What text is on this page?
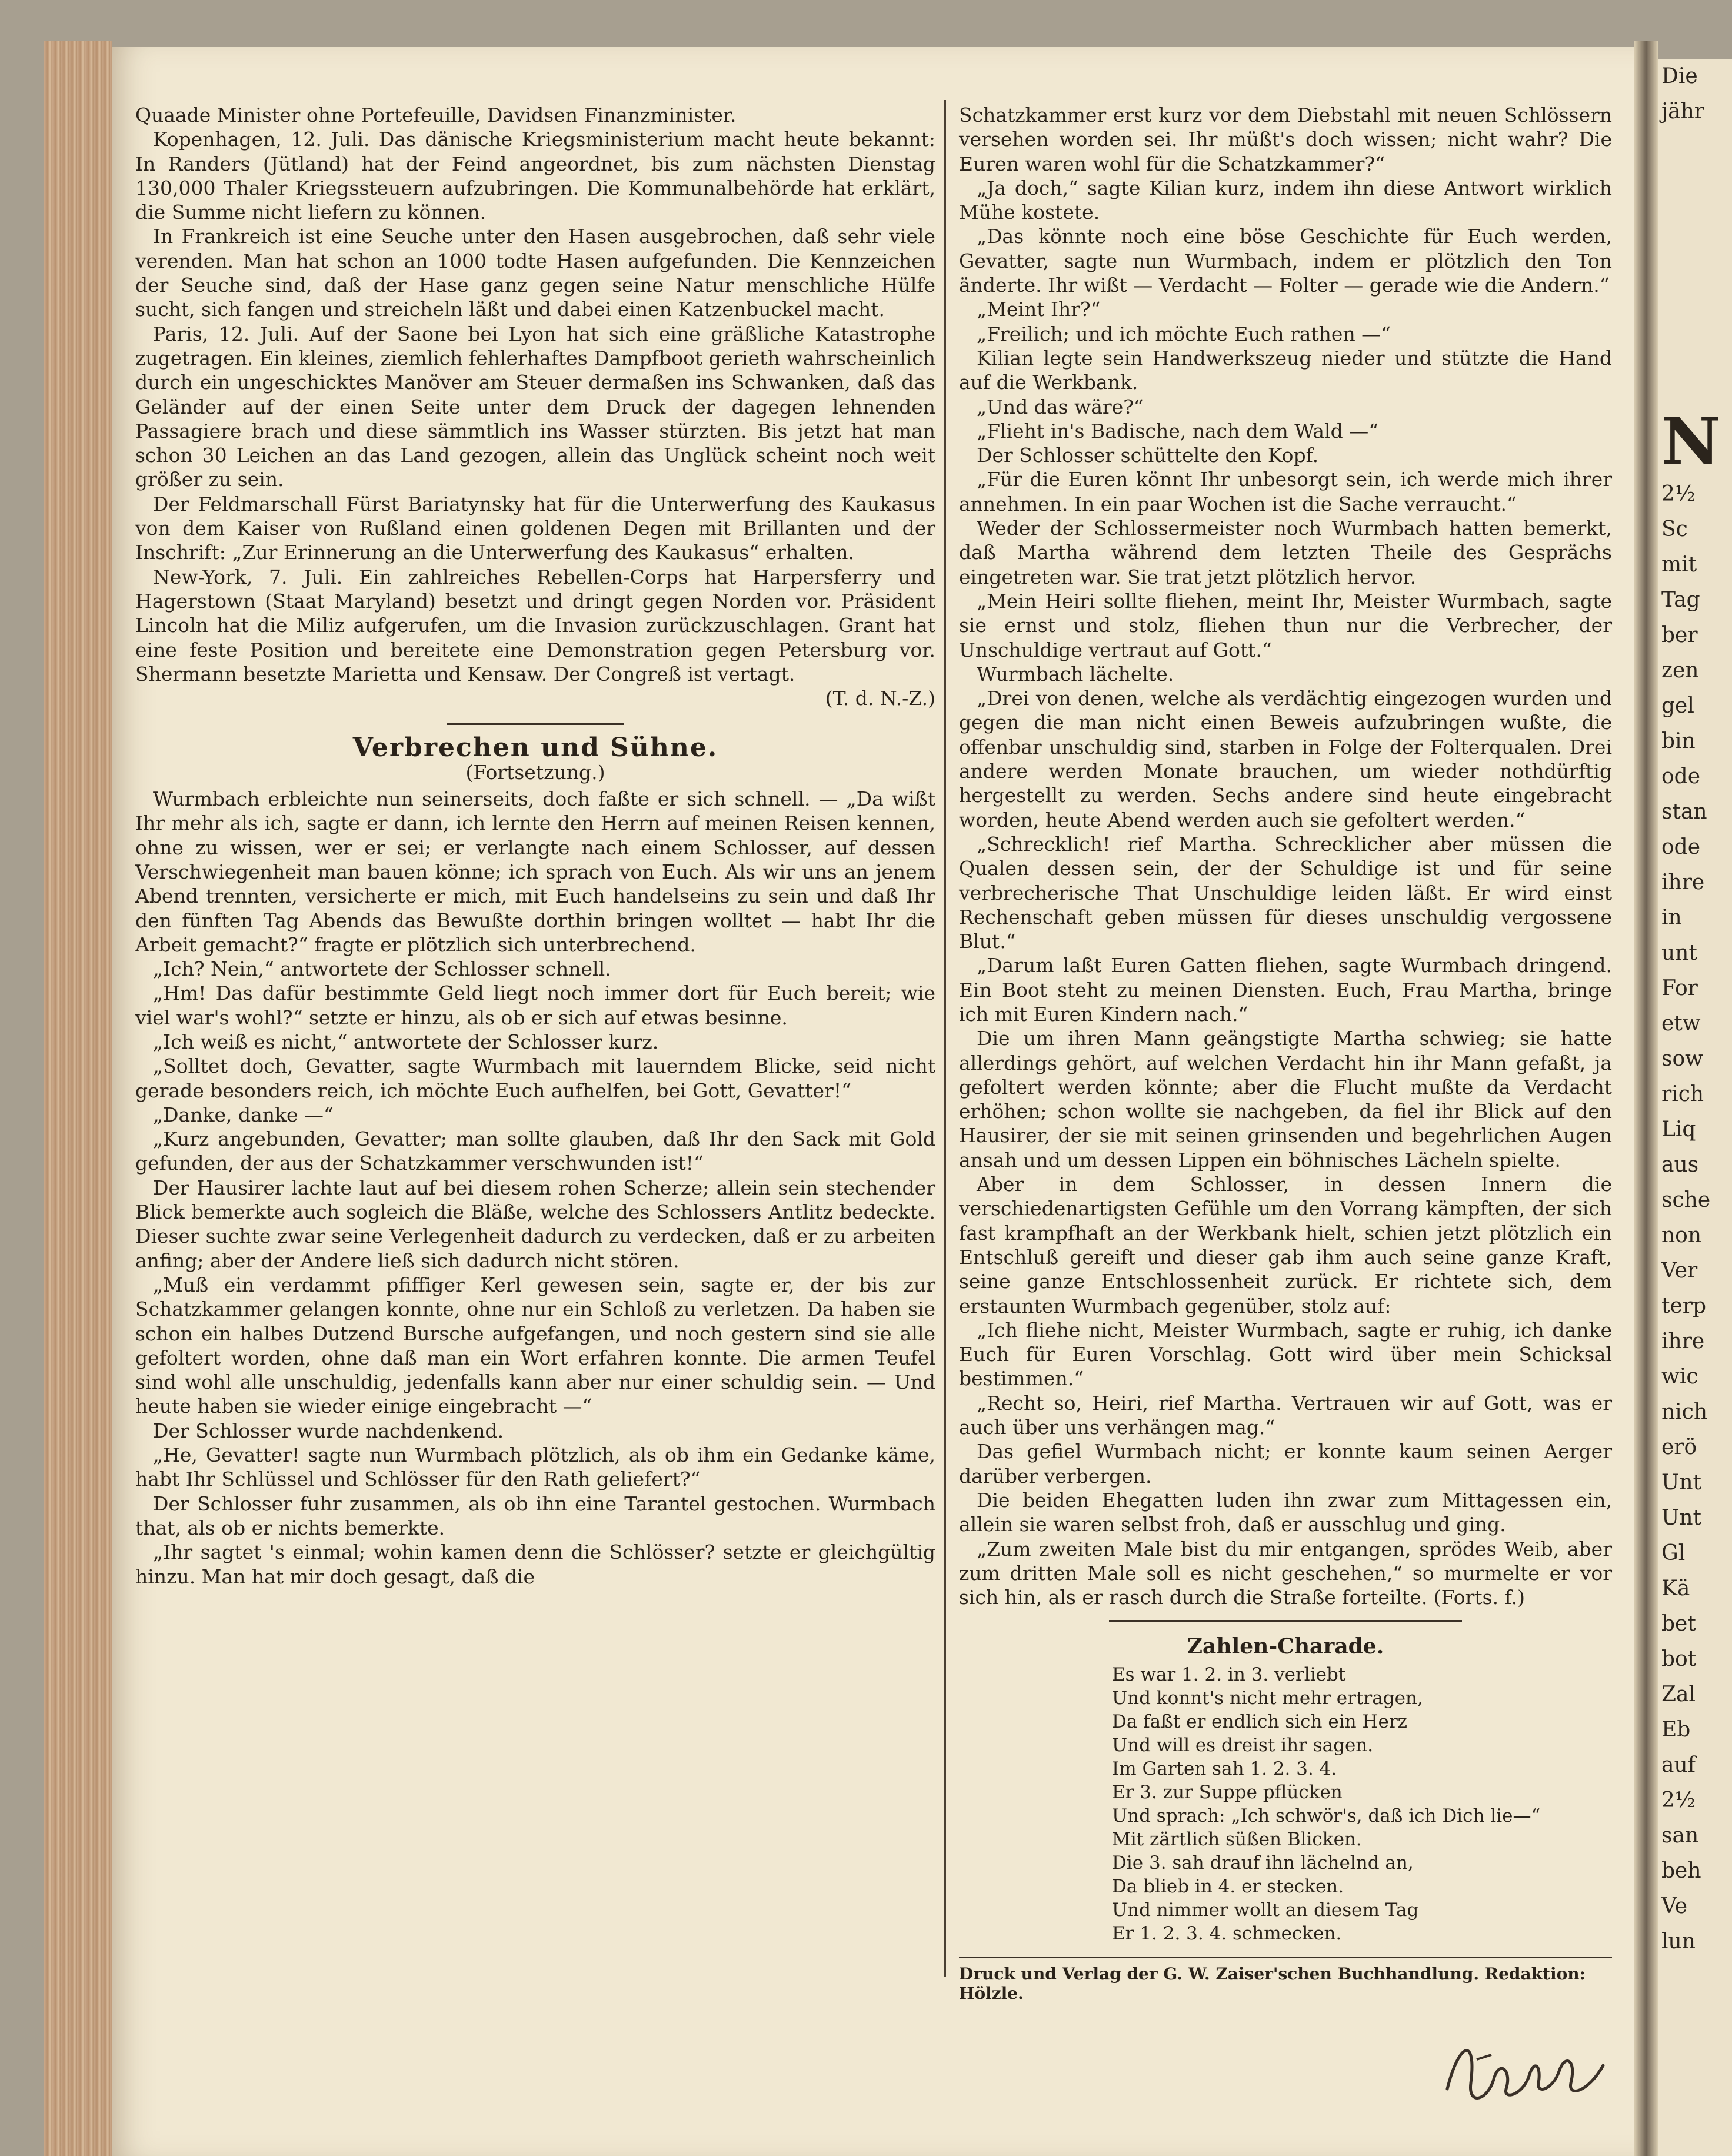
Die
jähr
N
2½
Sc
mit
Tag
ber
zen
gel
bin
ode
stan
ode
ihre
in
unt
For
etw
sow
rich
Liq
aus
sche
non
Ver
terp
ihre
wic
nich
erö
Unt
Unt
Gl
Kä
bet
bot
Zal
Eb
auf
2½
san
beh
Ve
lun

Quaade Minister ohne Portefeuille, Davidsen Finanzminister.

Kopenhagen, 12. Juli. Das dänische Kriegsministerium macht heute bekannt: In Randers (Jütland) hat der Feind angeordnet, bis zum nächsten Dienstag 130,000 Thaler Kriegssteuern aufzubringen. Die Kommunalbehörde hat erklärt, die Summe nicht liefern zu können.

In Frankreich ist eine Seuche unter den Hasen ausgebrochen, daß sehr viele verenden. Man hat schon an 1000 todte Hasen aufgefunden. Die Kennzeichen der Seuche sind, daß der Hase ganz gegen seine Natur menschliche Hülfe sucht, sich fangen und streicheln läßt und dabei einen Katzenbuckel macht.

Paris, 12. Juli. Auf der Saone bei Lyon hat sich eine gräßliche Katastrophe zugetragen. Ein kleines, ziemlich fehlerhaftes Dampfboot gerieth wahrscheinlich durch ein ungeschicktes Manöver am Steuer dermaßen ins Schwanken, daß das Geländer auf der einen Seite unter dem Druck der dagegen lehnenden Passagiere brach und diese sämmtlich ins Wasser stürzten. Bis jetzt hat man schon 30 Leichen an das Land gezogen, allein das Unglück scheint noch weit größer zu sein.

Der Feldmarschall Fürst Bariatynsky hat für die Unterwerfung des Kaukasus von dem Kaiser von Rußland einen goldenen Degen mit Brillanten und der Inschrift: „Zur Erinnerung an die Unterwerfung des Kaukasus“ erhalten.

New-York, 7. Juli. Ein zahlreiches Rebellen-Corps hat Harpersferry und Hagerstown (Staat Maryland) besetzt und dringt gegen Norden vor. Präsident Lincoln hat die Miliz aufgerufen, um die Invasion zurückzuschlagen. Grant hat eine feste Position und bereitete eine Demonstration gegen Petersburg vor. Shermann besetzte Marietta und Kensaw. Der Congreß ist vertagt.

(T. d. N.-Z.)

Verbrechen und Sühne.
(Fortsetzung.)

Wurmbach erbleichte nun seinerseits, doch faßte er sich schnell. — „Da wißt Ihr mehr als ich, sagte er dann, ich lernte den Herrn auf meinen Reisen kennen, ohne zu wissen, wer er sei; er verlangte nach einem Schlosser, auf dessen Verschwiegenheit man bauen könne; ich sprach von Euch. Als wir uns an jenem Abend trennten, versicherte er mich, mit Euch handelseins zu sein und daß Ihr den fünften Tag Abends das Bewußte dorthin bringen wolltet — habt Ihr die Arbeit gemacht?“ fragte er plötzlich sich unterbrechend.

„Ich? Nein,“ antwortete der Schlosser schnell.

„Hm! Das dafür bestimmte Geld liegt noch immer dort für Euch bereit; wie viel war's wohl?“ setzte er hinzu, als ob er sich auf etwas besinne.

„Ich weiß es nicht,“ antwortete der Schlosser kurz.

„Solltet doch, Gevatter, sagte Wurmbach mit lauerndem Blicke, seid nicht gerade besonders reich, ich möchte Euch aufhelfen, bei Gott, Gevatter!“

„Danke, danke —“

„Kurz angebunden, Gevatter; man sollte glauben, daß Ihr den Sack mit Gold gefunden, der aus der Schatzkammer verschwunden ist!“

Der Hausirer lachte laut auf bei diesem rohen Scherze; allein sein stechender Blick bemerkte auch sogleich die Bläße, welche des Schlossers Antlitz bedeckte. Dieser suchte zwar seine Verlegenheit dadurch zu verdecken, daß er zu arbeiten anfing; aber der Andere ließ sich dadurch nicht stören.

„Muß ein verdammt pfiffiger Kerl gewesen sein, sagte er, der bis zur Schatzkammer gelangen konnte, ohne nur ein Schloß zu verletzen. Da haben sie schon ein halbes Dutzend Bursche aufgefangen, und noch gestern sind sie alle gefoltert worden, ohne daß man ein Wort erfahren konnte. Die armen Teufel sind wohl alle unschuldig, jedenfalls kann aber nur einer schuldig sein. — Und heute haben sie wieder einige eingebracht —“

Der Schlosser wurde nachdenkend.

„He, Gevatter! sagte nun Wurmbach plötzlich, als ob ihm ein Gedanke käme, habt Ihr Schlüssel und Schlösser für den Rath geliefert?“

Der Schlosser fuhr zusammen, als ob ihn eine Tarantel gestochen. Wurmbach that, als ob er nichts bemerkte.

„Ihr sagtet 's einmal; wohin kamen denn die Schlösser? setzte er gleichgültig hinzu. Man hat mir doch gesagt, daß die

Schatzkammer erst kurz vor dem Diebstahl mit neuen Schlössern versehen worden sei. Ihr müßt's doch wissen; nicht wahr? Die Euren waren wohl für die Schatzkammer?“

„Ja doch,“ sagte Kilian kurz, indem ihn diese Antwort wirklich Mühe kostete.

„Das könnte noch eine böse Geschichte für Euch werden, Gevatter, sagte nun Wurmbach, indem er plötzlich den Ton änderte. Ihr wißt — Verdacht — Folter — gerade wie die Andern.“

„Meint Ihr?“

„Freilich; und ich möchte Euch rathen —“

Kilian legte sein Handwerkszeug nieder und stützte die Hand auf die Werkbank.

„Und das wäre?“

„Flieht in's Badische, nach dem Wald —“

Der Schlosser schüttelte den Kopf.

„Für die Euren könnt Ihr unbesorgt sein, ich werde mich ihrer annehmen. In ein paar Wochen ist die Sache verraucht.“

Weder der Schlossermeister noch Wurmbach hatten bemerkt, daß Martha während dem letzten Theile des Gesprächs eingetreten war. Sie trat jetzt plötzlich hervor.

„Mein Heiri sollte fliehen, meint Ihr, Meister Wurmbach, sagte sie ernst und stolz, fliehen thun nur die Verbrecher, der Unschuldige vertraut auf Gott.“

Wurmbach lächelte.

„Drei von denen, welche als verdächtig eingezogen wurden und gegen die man nicht einen Beweis aufzubringen wußte, die offenbar unschuldig sind, starben in Folge der Folterqualen. Drei andere werden Monate brauchen, um wieder nothdürftig hergestellt zu werden. Sechs andere sind heute eingebracht worden, heute Abend werden auch sie gefoltert werden.“

„Schrecklich! rief Martha. Schrecklicher aber müssen die Qualen dessen sein, der der Schuldige ist und für seine verbrecherische That Unschuldige leiden läßt. Er wird einst Rechenschaft geben müssen für dieses unschuldig vergossene Blut.“

„Darum laßt Euren Gatten fliehen, sagte Wurmbach dringend. Ein Boot steht zu meinen Diensten. Euch, Frau Martha, bringe ich mit Euren Kindern nach.“

Die um ihren Mann geängstigte Martha schwieg; sie hatte allerdings gehört, auf welchen Verdacht hin ihr Mann gefaßt, ja gefoltert werden könnte; aber die Flucht mußte da Verdacht erhöhen; schon wollte sie nachgeben, da fiel ihr Blick auf den Hausirer, der sie mit seinen grinsenden und begehrlichen Augen ansah und um dessen Lippen ein böhnisches Lächeln spielte.

Aber in dem Schlosser, in dessen Innern die verschiedenartigsten Gefühle um den Vorrang kämpften, der sich fast krampfhaft an der Werkbank hielt, schien jetzt plötzlich ein Entschluß gereift und dieser gab ihm auch seine ganze Kraft, seine ganze Entschlossenheit zurück. Er richtete sich, dem erstaunten Wurmbach gegenüber, stolz auf:

„Ich fliehe nicht, Meister Wurmbach, sagte er ruhig, ich danke Euch für Euren Vorschlag. Gott wird über mein Schicksal bestimmen.“

„Recht so, Heiri, rief Martha. Vertrauen wir auf Gott, was er auch über uns verhängen mag.“

Das gefiel Wurmbach nicht; er konnte kaum seinen Aerger darüber verbergen.

Die beiden Ehegatten luden ihn zwar zum Mittagessen ein, allein sie waren selbst froh, daß er ausschlug und ging.

„Zum zweiten Male bist du mir entgangen, sprödes Weib, aber zum dritten Male soll es nicht geschehen,“ so murmelte er vor sich hin, als er rasch durch die Straße forteilte. (Forts. f.)

Zahlen-Charade.
Es war 1. 2. in 3. verliebt
Und konnt's nicht mehr ertragen,
Da faßt er endlich sich ein Herz
Und will es dreist ihr sagen.
Im Garten sah 1. 2. 3. 4.
Er 3. zur Suppe pflücken
Und sprach: „Ich schwör's, daß ich Dich lie—“
Mit zärtlich süßen Blicken.
Die 3. sah drauf ihn lächelnd an,
Da blieb in 4. er stecken.
Und nimmer wollt an diesem Tag
Er 1. 2. 3. 4. schmecken.
Druck und Verlag der G. W. Zaiser'schen Buchhandlung. Redaktion: Hölzle.
